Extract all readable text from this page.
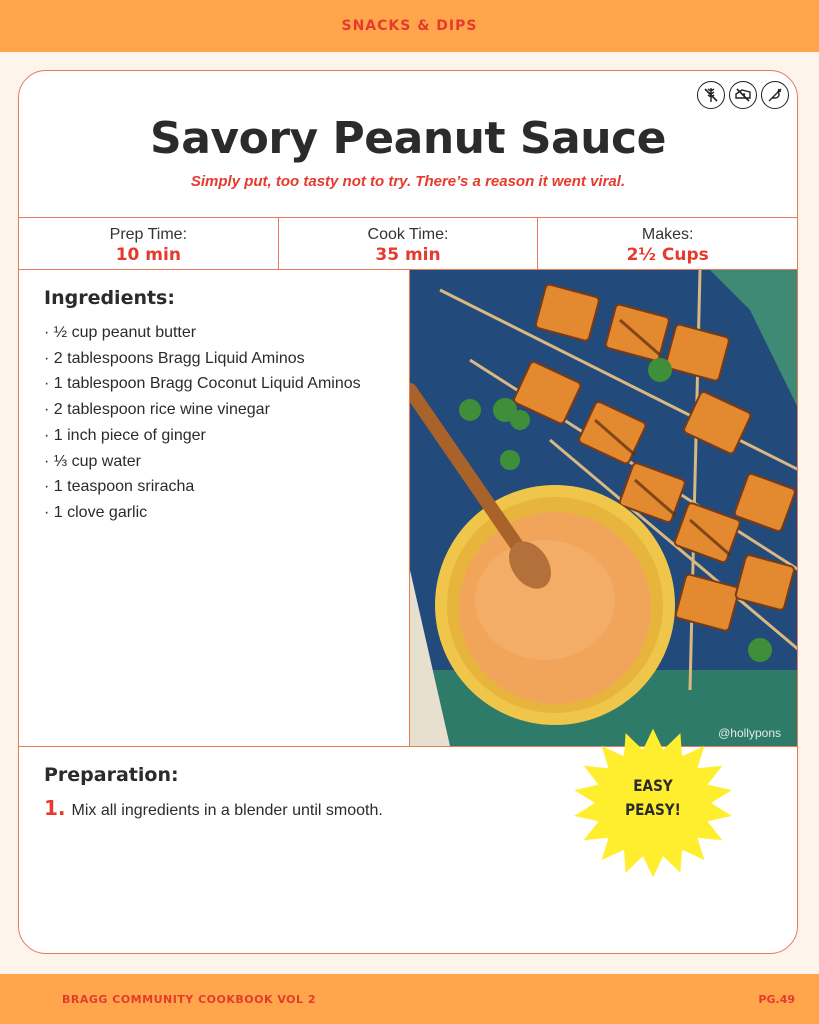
SNACKS & DIPS
Savory Peanut Sauce
Simply put, too tasty not to try. There’s a reason it went viral.
Prep Time:
10 min
Cook Time:
35 min
Makes:
2½ Cups
Ingredients:
· ½ cup peanut butter
· 2 tablespoons Bragg Liquid Aminos
· 1 tablespoon Bragg Coconut Liquid Aminos
· 2 tablespoon rice wine vinegar
· 1 inch piece of ginger
· ⅓ cup water
· 1 teaspoon sriracha
· 1 clove garlic
@hollypons
Preparation:
1. Mix all ingredients in a blender until smooth.
EASY
PEASY!
BRAGG COMMUNITY COOKBOOK VOL 2	PG.49
